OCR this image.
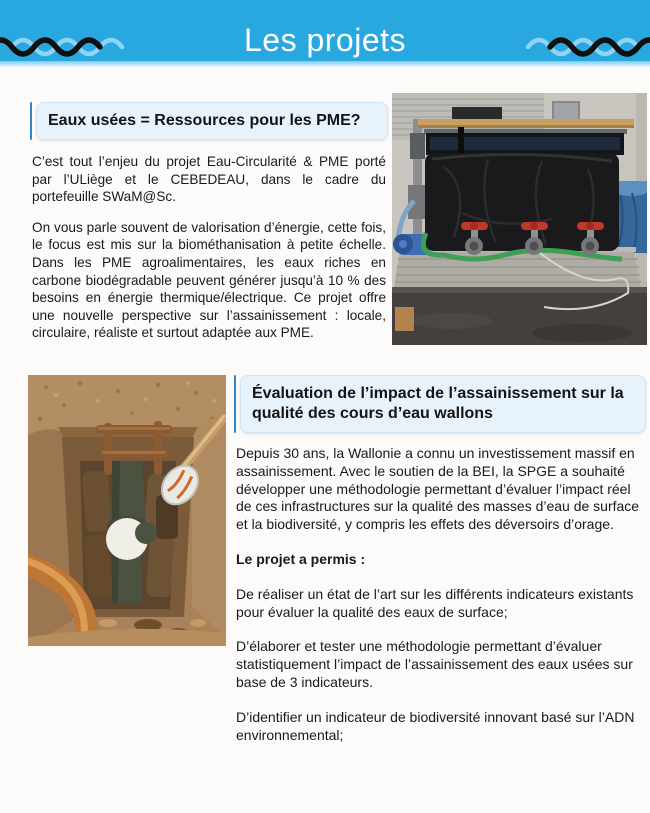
Les projets
Eaux usées = Ressources pour les PME?

C’est tout l’enjeu du projet Eau-Circularité & PME porté par l’ULiège et le CEBEDEAU, dans le cadre du portefeuille SWaM@Sc.

On vous parle souvent de valorisation d’énergie, cette fois, le focus est mis sur la biométhanisation à petite échelle. Dans les PME agroalimentaires, les eaux riches en carbone biodégradable peuvent générer jusqu’à 10 % des besoins en énergie thermique/électrique. Ce projet offre une nouvelle perspective sur l’assainissement : locale, circulaire, réaliste et surtout adaptée aux PME.

Évaluation de l’impact de l’assainissement sur la qualité des cours d’eau wallons

Depuis 30 ans, la Wallonie a connu un investissement massif en assainissement. Avec le soutien de la BEI, la SPGE a souhaité développer une méthodologie permettant d’évaluer l’impact réel de ces infrastructures sur la qualité des masses d’eau de surface et la biodiversité, y compris les effets des déversoirs d’orage.

Le projet a permis :

De réaliser un état de l’art sur les différents indicateurs existants pour évaluer la qualité des eaux de surface;

D’élaborer et tester une méthodologie permettant d’évaluer statistiquement l’impact de l’assainissement des eaux usées sur base de 3 indicateurs.

D’identifier un indicateur de biodiversité innovant basé sur l’ADN environnemental;
